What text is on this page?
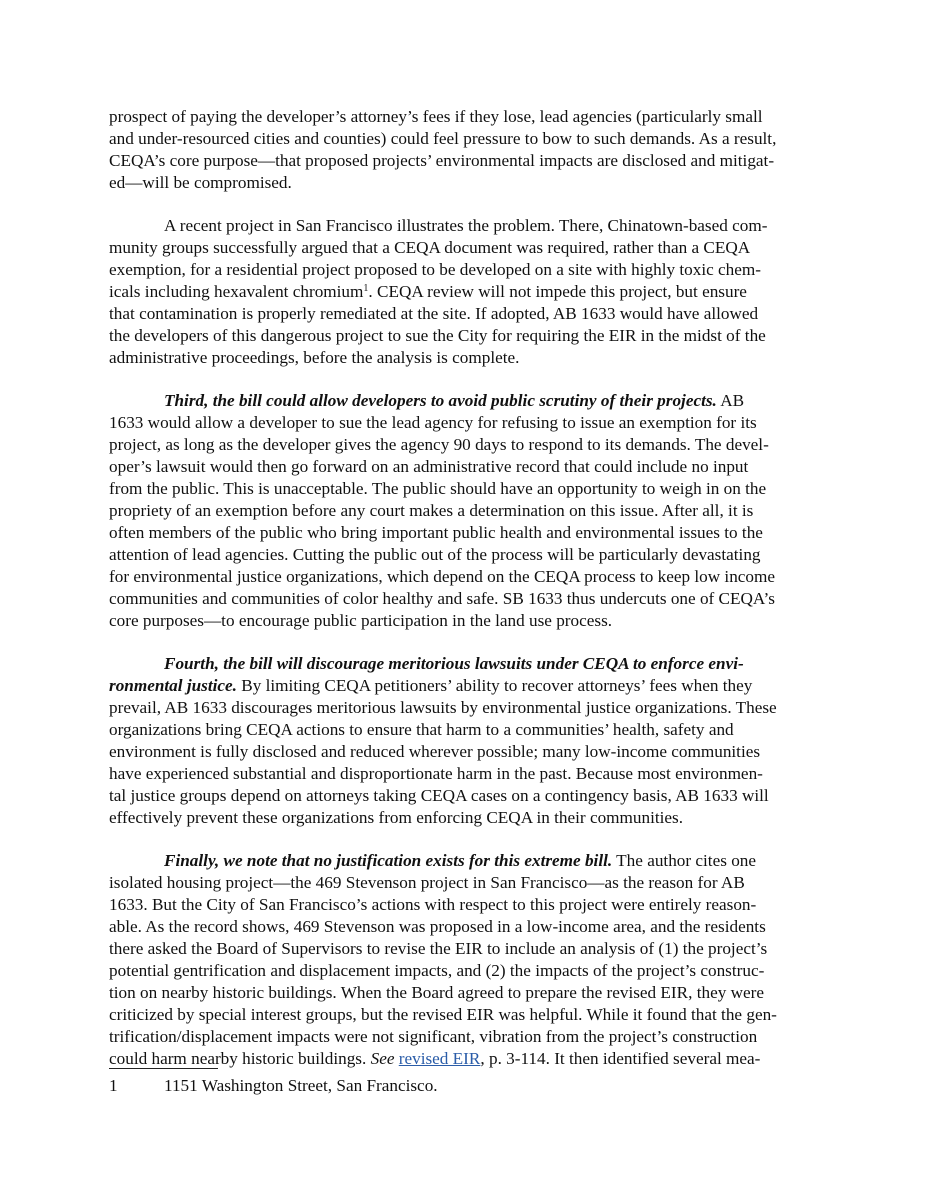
prospect of paying the developer’s attorney’s fees if they lose, lead agencies (particularly small
and under-resourced cities and counties) could feel pressure to bow to such demands. As a result,
CEQA’s core purpose—that proposed projects’ environmental impacts are disclosed and mitigat-
ed—will be compromised.
A recent project in San Francisco illustrates the problem. There, Chinatown-based com-
munity groups successfully argued that a CEQA document was required, rather than a CEQA
exemption, for a residential project proposed to be developed on a site with highly toxic chem-
icals including hexavalent chromium$^1$. CEQA review will not impede this project, but ensure
that contamination is properly remediated at the site. If adopted, AB 1633 would have allowed
the developers of this dangerous project to sue the City for requiring the EIR in the midst of the
administrative proceedings, before the analysis is complete.
Third, the bill could allow developers to avoid public scrutiny of their projects. AB
1633 would allow a developer to sue the lead agency for refusing to issue an exemption for its
project, as long as the developer gives the agency 90 days to respond to its demands. The devel-
oper’s lawsuit would then go forward on an administrative record that could include no input
from the public. This is unacceptable. The public should have an opportunity to weigh in on the
propriety of an exemption before any court makes a determination on this issue. After all, it is
often members of the public who bring important public health and environmental issues to the
attention of lead agencies. Cutting the public out of the process will be particularly devastating
for environmental justice organizations, which depend on the CEQA process to keep low income
communities and communities of color healthy and safe. SB 1633 thus undercuts one of CEQA’s
core purposes—to encourage public participation in the land use process.
Fourth, the bill will discourage meritorious lawsuits under CEQA to enforce envi-
ronmental justice. By limiting CEQA petitioners’ ability to recover attorneys’ fees when they
prevail, AB 1633 discourages meritorious lawsuits by environmental justice organizations. These
organizations bring CEQA actions to ensure that harm to a communities’ health, safety and
environment is fully disclosed and reduced wherever possible; many low-income communities
have experienced substantial and disproportionate harm in the past. Because most environmen-
tal justice groups depend on attorneys taking CEQA cases on a contingency basis, AB 1633 will
effectively prevent these organizations from enforcing CEQA in their communities.
Finally, we note that no justification exists for this extreme bill. The author cites one
isolated housing project—the 469 Stevenson project in San Francisco—as the reason for AB
1633. But the City of San Francisco’s actions with respect to this project were entirely reason-
able. As the record shows, 469 Stevenson was proposed in a low-income area, and the residents
there asked the Board of Supervisors to revise the EIR to include an analysis of (1) the project’s
potential gentrification and displacement impacts, and (2) the impacts of the project’s construc-
tion on nearby historic buildings. When the Board agreed to prepare the revised EIR, they were
criticized by special interest groups, but the revised EIR was helpful. While it found that the gen-
trification/displacement impacts were not significant, vibration from the project’s construction
could harm nearby historic buildings. See revised EIR, p. 3-114. It then identified several mea-
1	1151 Washington Street, San Francisco.
